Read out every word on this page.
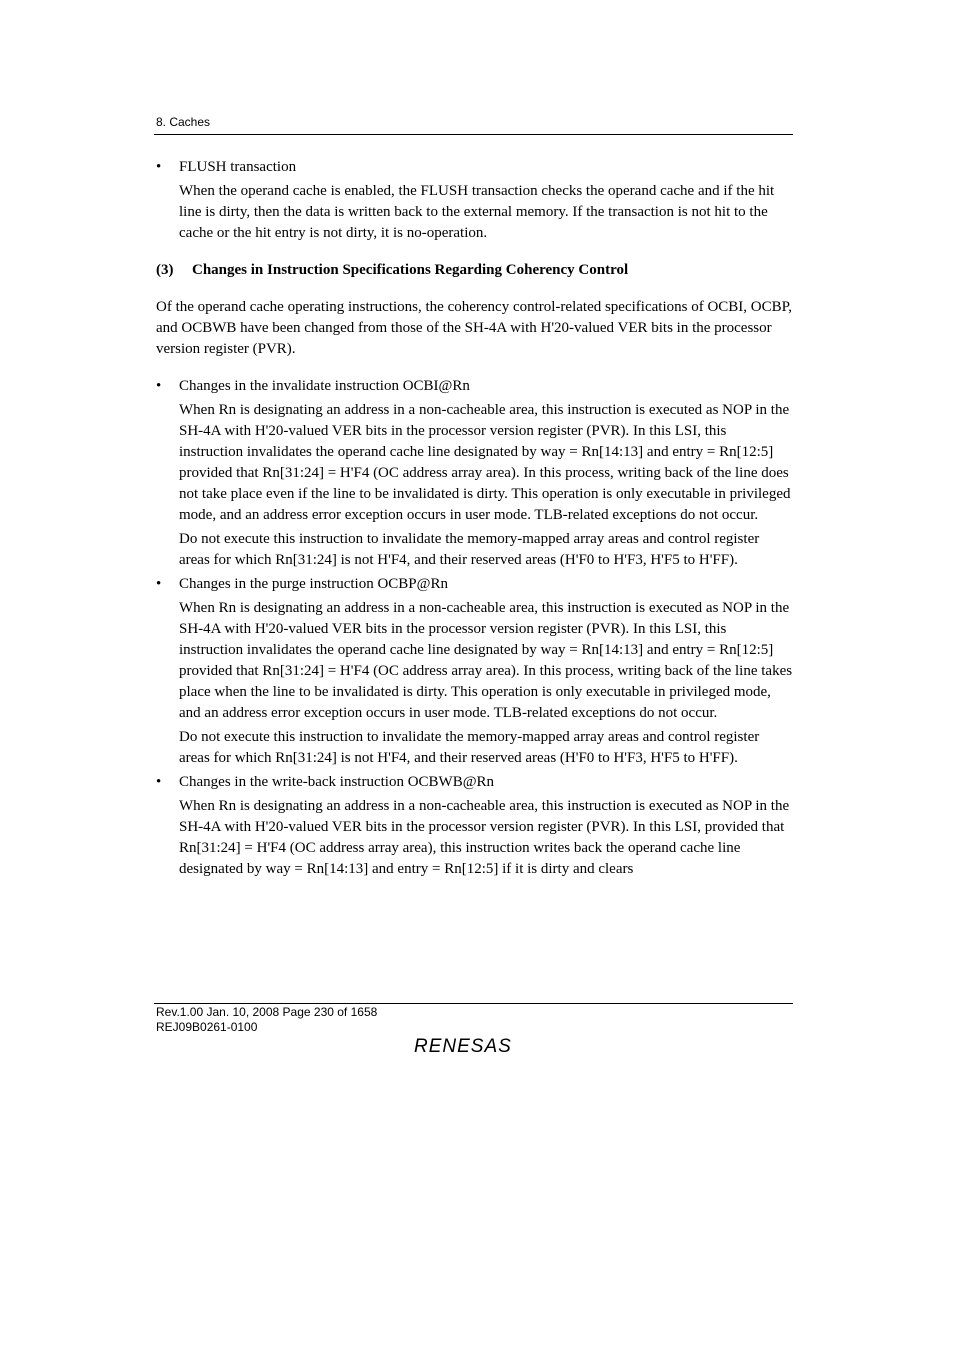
8. Caches
• FLUSH transaction

When the operand cache is enabled, the FLUSH transaction checks the operand cache and if the hit line is dirty, then the data is written back to the external memory. If the transaction is not hit to the cache or the hit entry is not dirty, it is no-operation.

(3) Changes in Instruction Specifications Regarding Coherency Control

Of the operand cache operating instructions, the coherency control-related specifications of OCBI, OCBP, and OCBWB have been changed from those of the SH-4A with H'20-valued VER bits in the processor version register (PVR).

• Changes in the invalidate instruction OCBI@Rn

When Rn is designating an address in a non-cacheable area, this instruction is executed as NOP in the SH-4A with H'20-valued VER bits in the processor version register (PVR). In this LSI, this instruction invalidates the operand cache line designated by way = Rn[14:13] and entry = Rn[12:5] provided that Rn[31:24] = H'F4 (OC address array area). In this process, writing back of the line does not take place even if the line to be invalidated is dirty. This operation is only executable in privileged mode, and an address error exception occurs in user mode. TLB-related exceptions do not occur.

Do not execute this instruction to invalidate the memory-mapped array areas and control register areas for which Rn[31:24] is not H'F4, and their reserved areas (H'F0 to H'F3, H'F5 to H'FF).

• Changes in the purge instruction OCBP@Rn

When Rn is designating an address in a non-cacheable area, this instruction is executed as NOP in the SH-4A with H'20-valued VER bits in the processor version register (PVR). In this LSI, this instruction invalidates the operand cache line designated by way = Rn[14:13] and entry = Rn[12:5] provided that Rn[31:24] = H'F4 (OC address array area). In this process, writing back of the line takes place when the line to be invalidated is dirty. This operation is only executable in privileged mode, and an address error exception occurs in user mode. TLB-related exceptions do not occur.

Do not execute this instruction to invalidate the memory-mapped array areas and control register areas for which Rn[31:24] is not H'F4, and their reserved areas (H'F0 to H'F3, H'F5 to H'FF).

• Changes in the write-back instruction OCBWB@Rn

When Rn is designating an address in a non-cacheable area, this instruction is executed as NOP in the SH-4A with H'20-valued VER bits in the processor version register (PVR). In this LSI, provided that Rn[31:24] = H'F4 (OC address array area), this instruction writes back the operand cache line designated by way = Rn[14:13] and entry = Rn[12:5] if it is dirty and clears

Rev.1.00 Jan. 10, 2008 Page 230 of 1658
REJ09B0261-0100
RENESAS
